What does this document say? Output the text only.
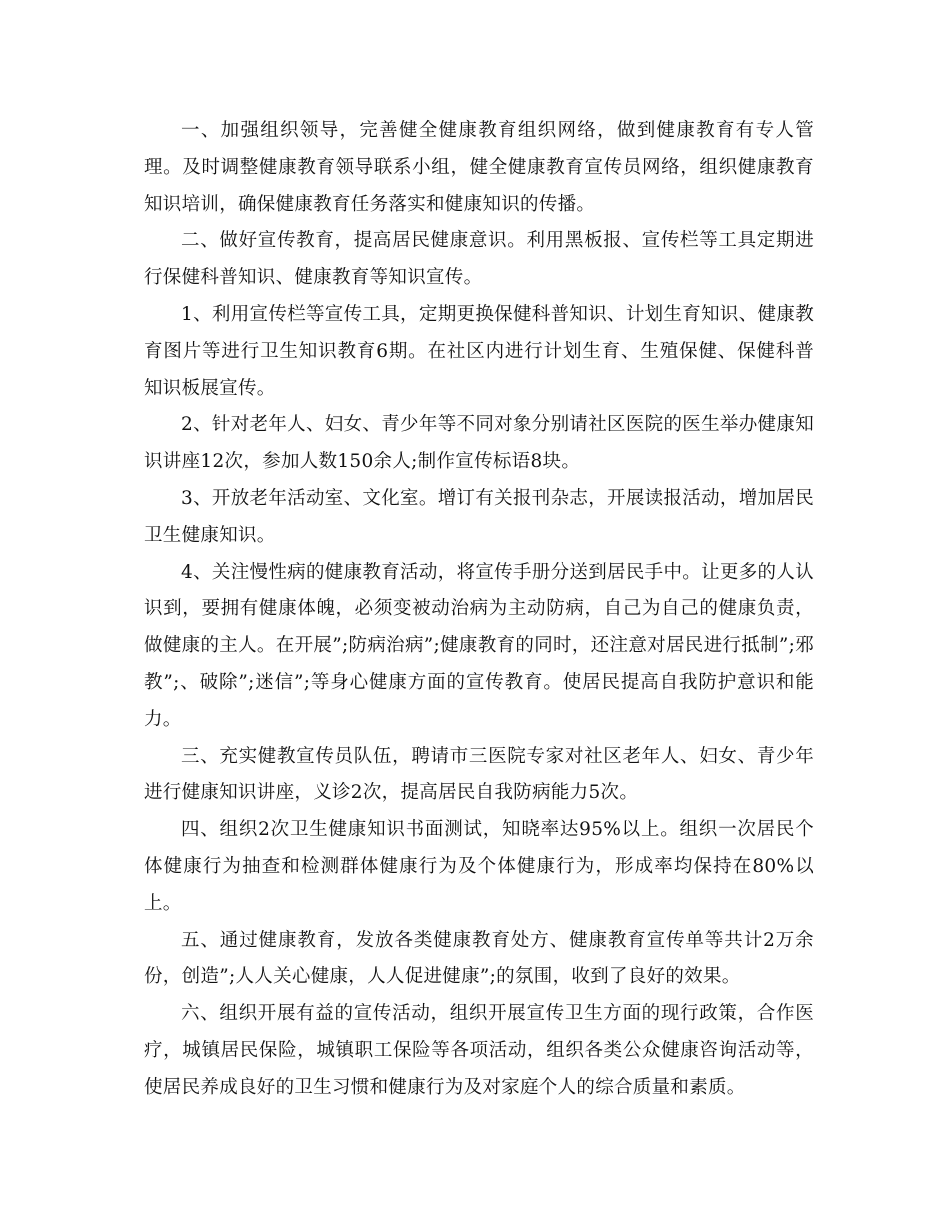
一、加强组织领导，完善健全健康教育组织网络，做到健康教育有专人管理。及时调整健康教育领导联系小组，健全健康教育宣传员网络，组织健康教育知识培训，确保健康教育任务落实和健康知识的传播。

二、做好宣传教育，提高居民健康意识。利用黑板报、宣传栏等工具定期进行保健科普知识、健康教育等知识宣传。

1、利用宣传栏等宣传工具，定期更换保健科普知识、计划生育知识、健康教育图片等进行卫生知识教育6期。在社区内进行计划生育、生殖保健、保健科普知识板展宣传。

2、针对老年人、妇女、青少年等不同对象分别请社区医院的医生举办健康知识讲座12次，参加人数150余人;制作宣传标语8块。

3、开放老年活动室、文化室。增订有关报刊杂志，开展读报活动，增加居民卫生健康知识。

4、关注慢性病的健康教育活动，将宣传手册分送到居民手中。让更多的人认识到，要拥有健康体魄，必须变被动治病为主动防病，自己为自己的健康负责，做健康的主人。在开展”;防病治病”;健康教育的同时，还注意对居民进行抵制”;邪教”;、破除”;迷信”;等身心健康方面的宣传教育。使居民提高自我防护意识和能力。

三、充实健教宣传员队伍，聘请市三医院专家对社区老年人、妇女、青少年进行健康知识讲座，义诊2次，提高居民自我防病能力5次。

四、组织2次卫生健康知识书面测试，知晓率达95%以上。组织一次居民个体健康行为抽查和检测群体健康行为及个体健康行为，形成率均保持在80%以上。

五、通过健康教育，发放各类健康教育处方、健康教育宣传单等共计2万余份，创造”;人人关心健康，人人促进健康”;的氛围，收到了良好的效果。

六、组织开展有益的宣传活动，组织开展宣传卫生方面的现行政策，合作医疗，城镇居民保险，城镇职工保险等各项活动，组织各类公众健康咨询活动等，使居民养成良好的卫生习惯和健康行为及对家庭个人的综合质量和素质。
